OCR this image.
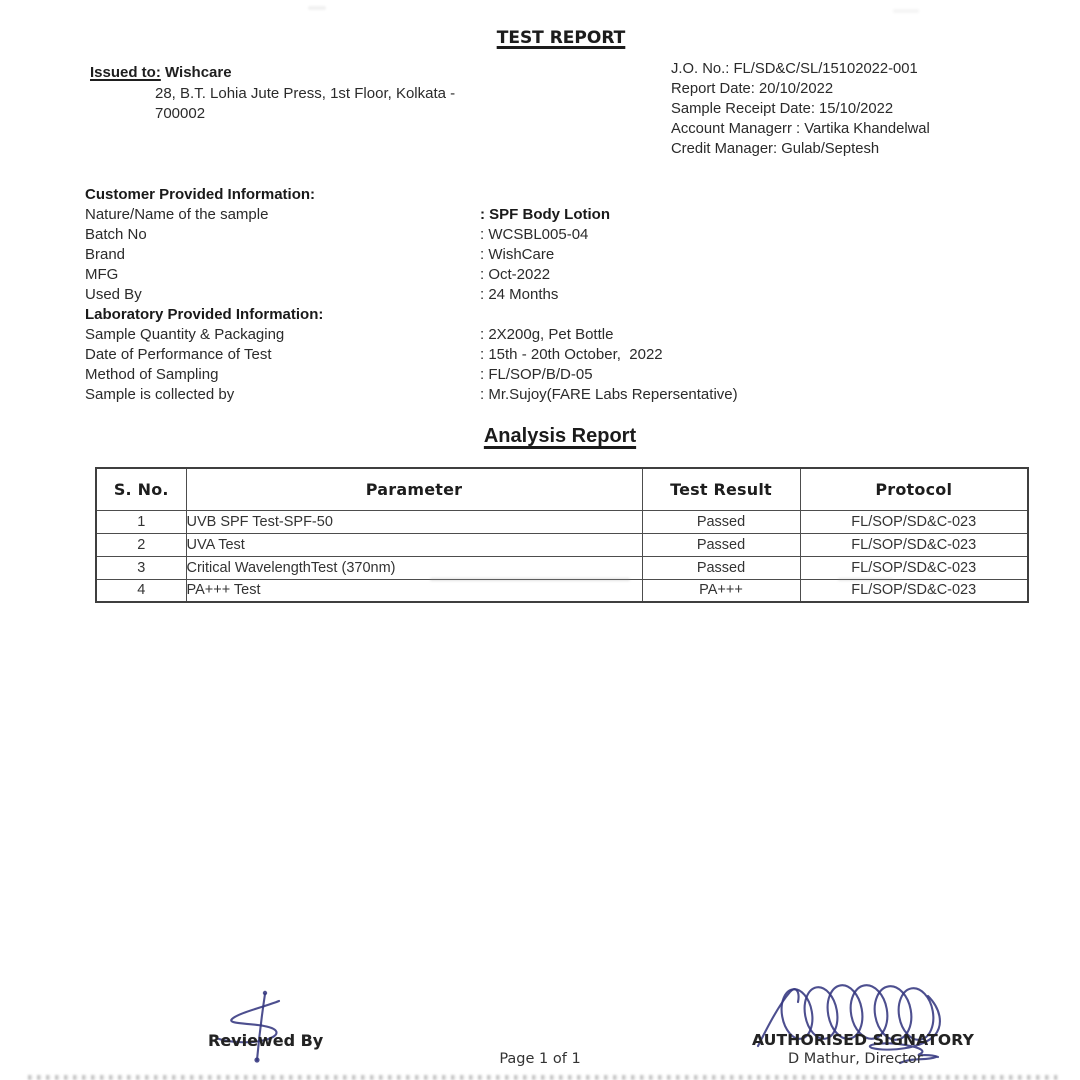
TEST REPORT
Issued to: Wishcare
28, B.T. Lohia Jute Press, 1st Floor, Kolkata -
700002
J.O. No.: FL/SD&C/SL/15102022-001
Report Date: 20/10/2022
Sample Receipt Date: 15/10/2022
Account Managerr : Vartika Khandelwal
Credit Manager: Gulab/Septesh
Customer Provided Information:
Nature/Name of the sample	: SPF Body Lotion
Batch No	: WCSBL005-04
Brand	: WishCare
MFG	: Oct-2022
Used By	: 24 Months
Laboratory Provided Information:
Sample Quantity & Packaging	: 2X200g, Pet Bottle
Date of Performance of Test	: 15th - 20th October,  2022
Method of Sampling	: FL/SOP/B/D-05
Sample is collected by	: Mr.Sujoy(FARE Labs Repersentative)
Analysis Report
S. No.	Parameter	Test Result	Protocol
1	UVB SPF Test-SPF-50	Passed	FL/SOP/SD&C-023
2	UVA Test	Passed	FL/SOP/SD&C-023
3	Critical WavelengthTest (370nm)	Passed	FL/SOP/SD&C-023
4	PA+++ Test	PA+++	FL/SOP/SD&C-023
Reviewed By
Page 1 of 1
AUTHORISED SIGNATORY
D Mathur, Director
